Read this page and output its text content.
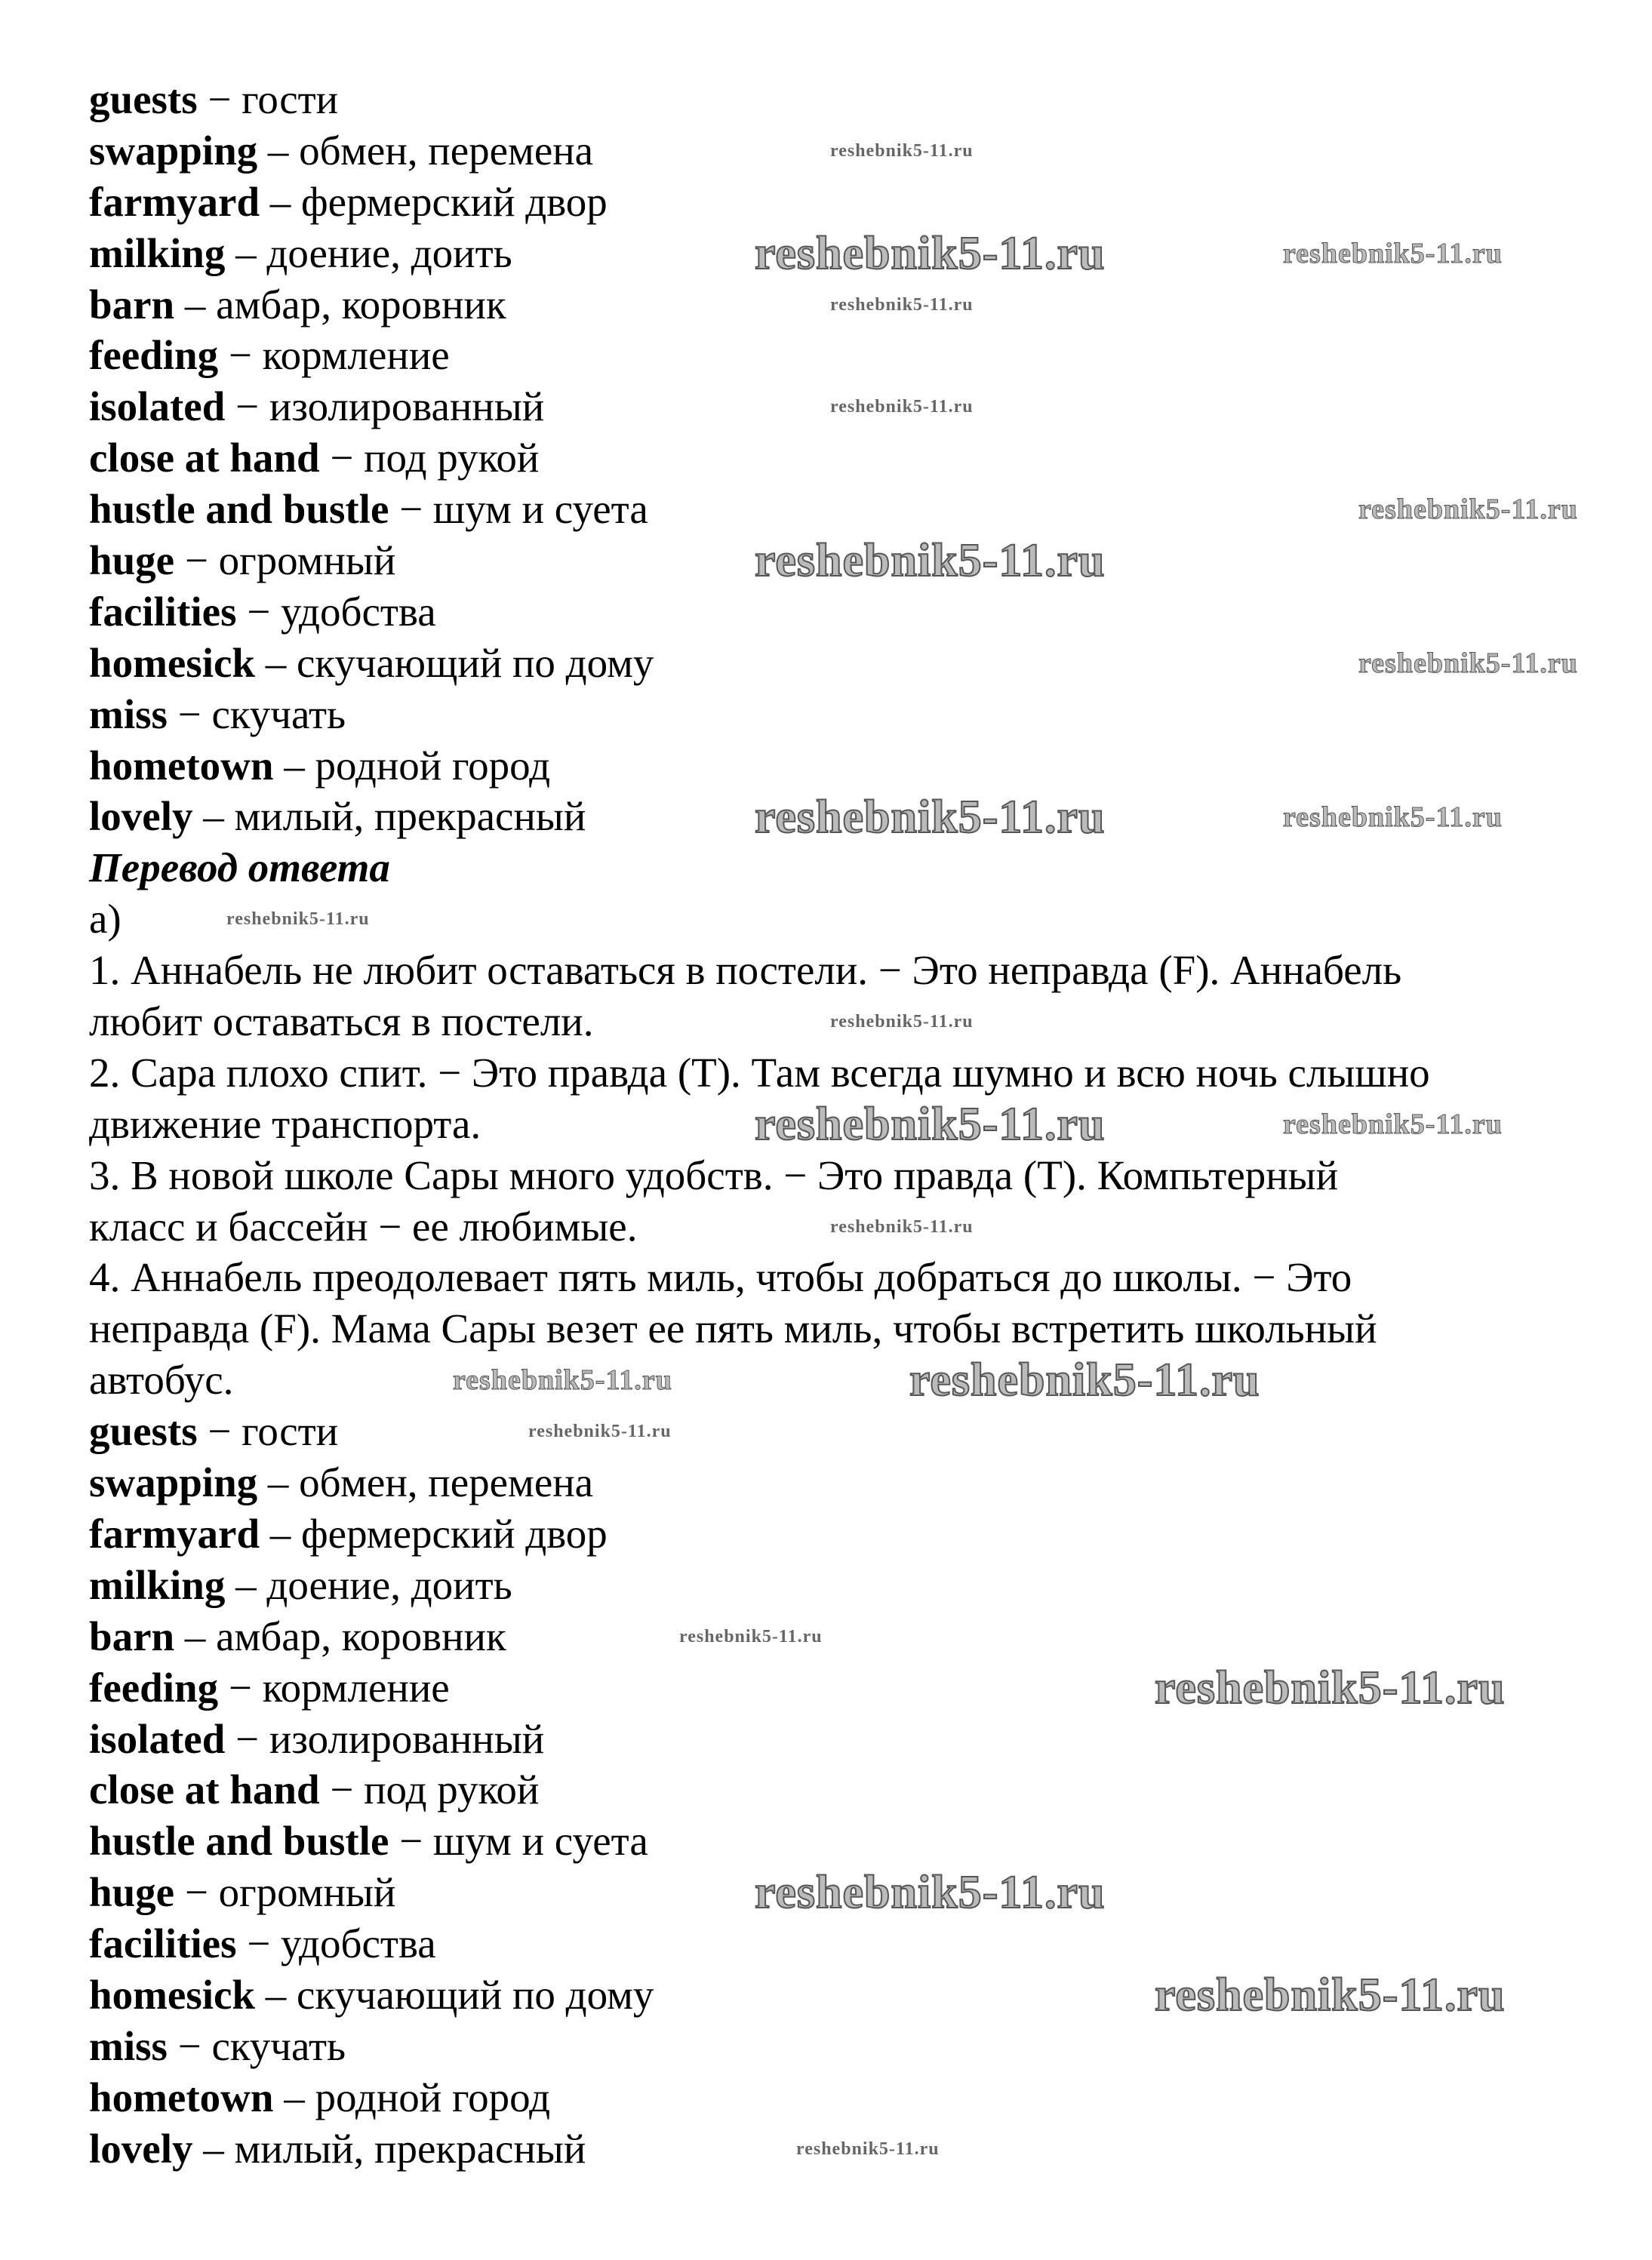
guests − гости
swapping – обмен, перемена
farmyard – фермерский двор
milking – доение, доить
barn – амбар, коровник
feeding − кормление
isolated − изолированный
close at hand − под рукой
hustle and bustle − шум и суета
huge − огромный
facilities − удобства
homesick – скучающий по дому
miss − скучать
hometown – родной город
lovely – милый, прекрасный
Перевод ответа
а)
1. Аннабель не любит оставаться в постели. − Это неправда (F). Аннабель
любит оставаться в постели.
2. Сара плохо спит. − Это правда (T). Там всегда шумно и всю ночь слышно
движение транспорта.
3. В новой школе Сары много удобств. − Это правда (T). Компьтерный
класс и бассейн − ее любимые.
4. Аннабель преодолевает пять миль, чтобы добраться до школы. − Это
неправда (F). Мама Сары везет ее пять миль, чтобы встретить школьный
автобус.
guests − гости
swapping – обмен, перемена
farmyard – фермерский двор
milking – доение, доить
barn – амбар, коровник
feeding − кормление
isolated − изолированный
close at hand − под рукой
hustle and bustle − шум и суета
huge − огромный
facilities − удобства
homesick – скучающий по дому
miss − скучать
hometown – родной город
lovely – милый, прекрасный
reshebnik5-11.ru
reshebnik5-11.ru	reshebnik5-11.ru
reshebnik5-11.ru
reshebnik5-11.ru
reshebnik5-11.ru
reshebnik5-11.ru
reshebnik5-11.ru
reshebnik5-11.ru	reshebnik5-11.ru
reshebnik5-11.ru
reshebnik5-11.ru
reshebnik5-11.ru	reshebnik5-11.ru
reshebnik5-11.ru
reshebnik5-11.ru	reshebnik5-11.ru
reshebnik5-11.ru
reshebnik5-11.ru
reshebnik5-11.ru
reshebnik5-11.ru
reshebnik5-11.ru
reshebnik5-11.ru
